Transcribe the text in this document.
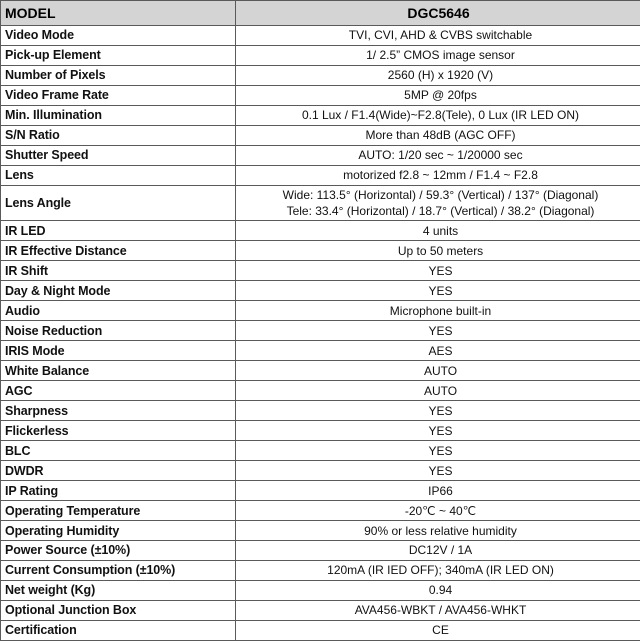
MODEL	DGC5646
Video Mode	TVI, CVI, AHD & CVBS switchable
Pick-up Element	1/ 2.5” CMOS image sensor
Number of Pixels	2560 (H) x 1920 (V)
Video Frame Rate	5MP @ 20fps
Min. Illumination	0.1 Lux / F1.4(Wide)~F2.8(Tele), 0 Lux (IR LED ON)
S/N Ratio	More than 48dB (AGC OFF)
Shutter Speed	AUTO: 1/20 sec ~ 1/20000 sec
Lens	motorized f2.8 ~ 12mm / F1.4 ~ F2.8
Lens Angle	Wide: 113.5° (Horizontal) / 59.3° (Vertical) / 137° (Diagonal)
Tele: 33.4° (Horizontal) / 18.7° (Vertical) / 38.2° (Diagonal)

IR LED	4 units
IR Effective Distance	Up to 50 meters
IR Shift	YES
Day & Night Mode	YES
Audio	Microphone built-in
Noise Reduction	YES
IRIS Mode	AES
White Balance	AUTO
AGC	AUTO
Sharpness	YES
Flickerless	YES
BLC	YES
DWDR	YES
IP Rating	IP66
Operating Temperature	-20℃ ~ 40℃
Operating Humidity	90% or less relative humidity
Power Source (±10%)	DC12V / 1A
Current Consumption (±10%)	120mA (IR IED OFF); 340mA (IR LED ON)
Net weight (Kg)	0.94
Optional Junction Box	AVA456-WBKT / AVA456-WHKT
Certification	CE
